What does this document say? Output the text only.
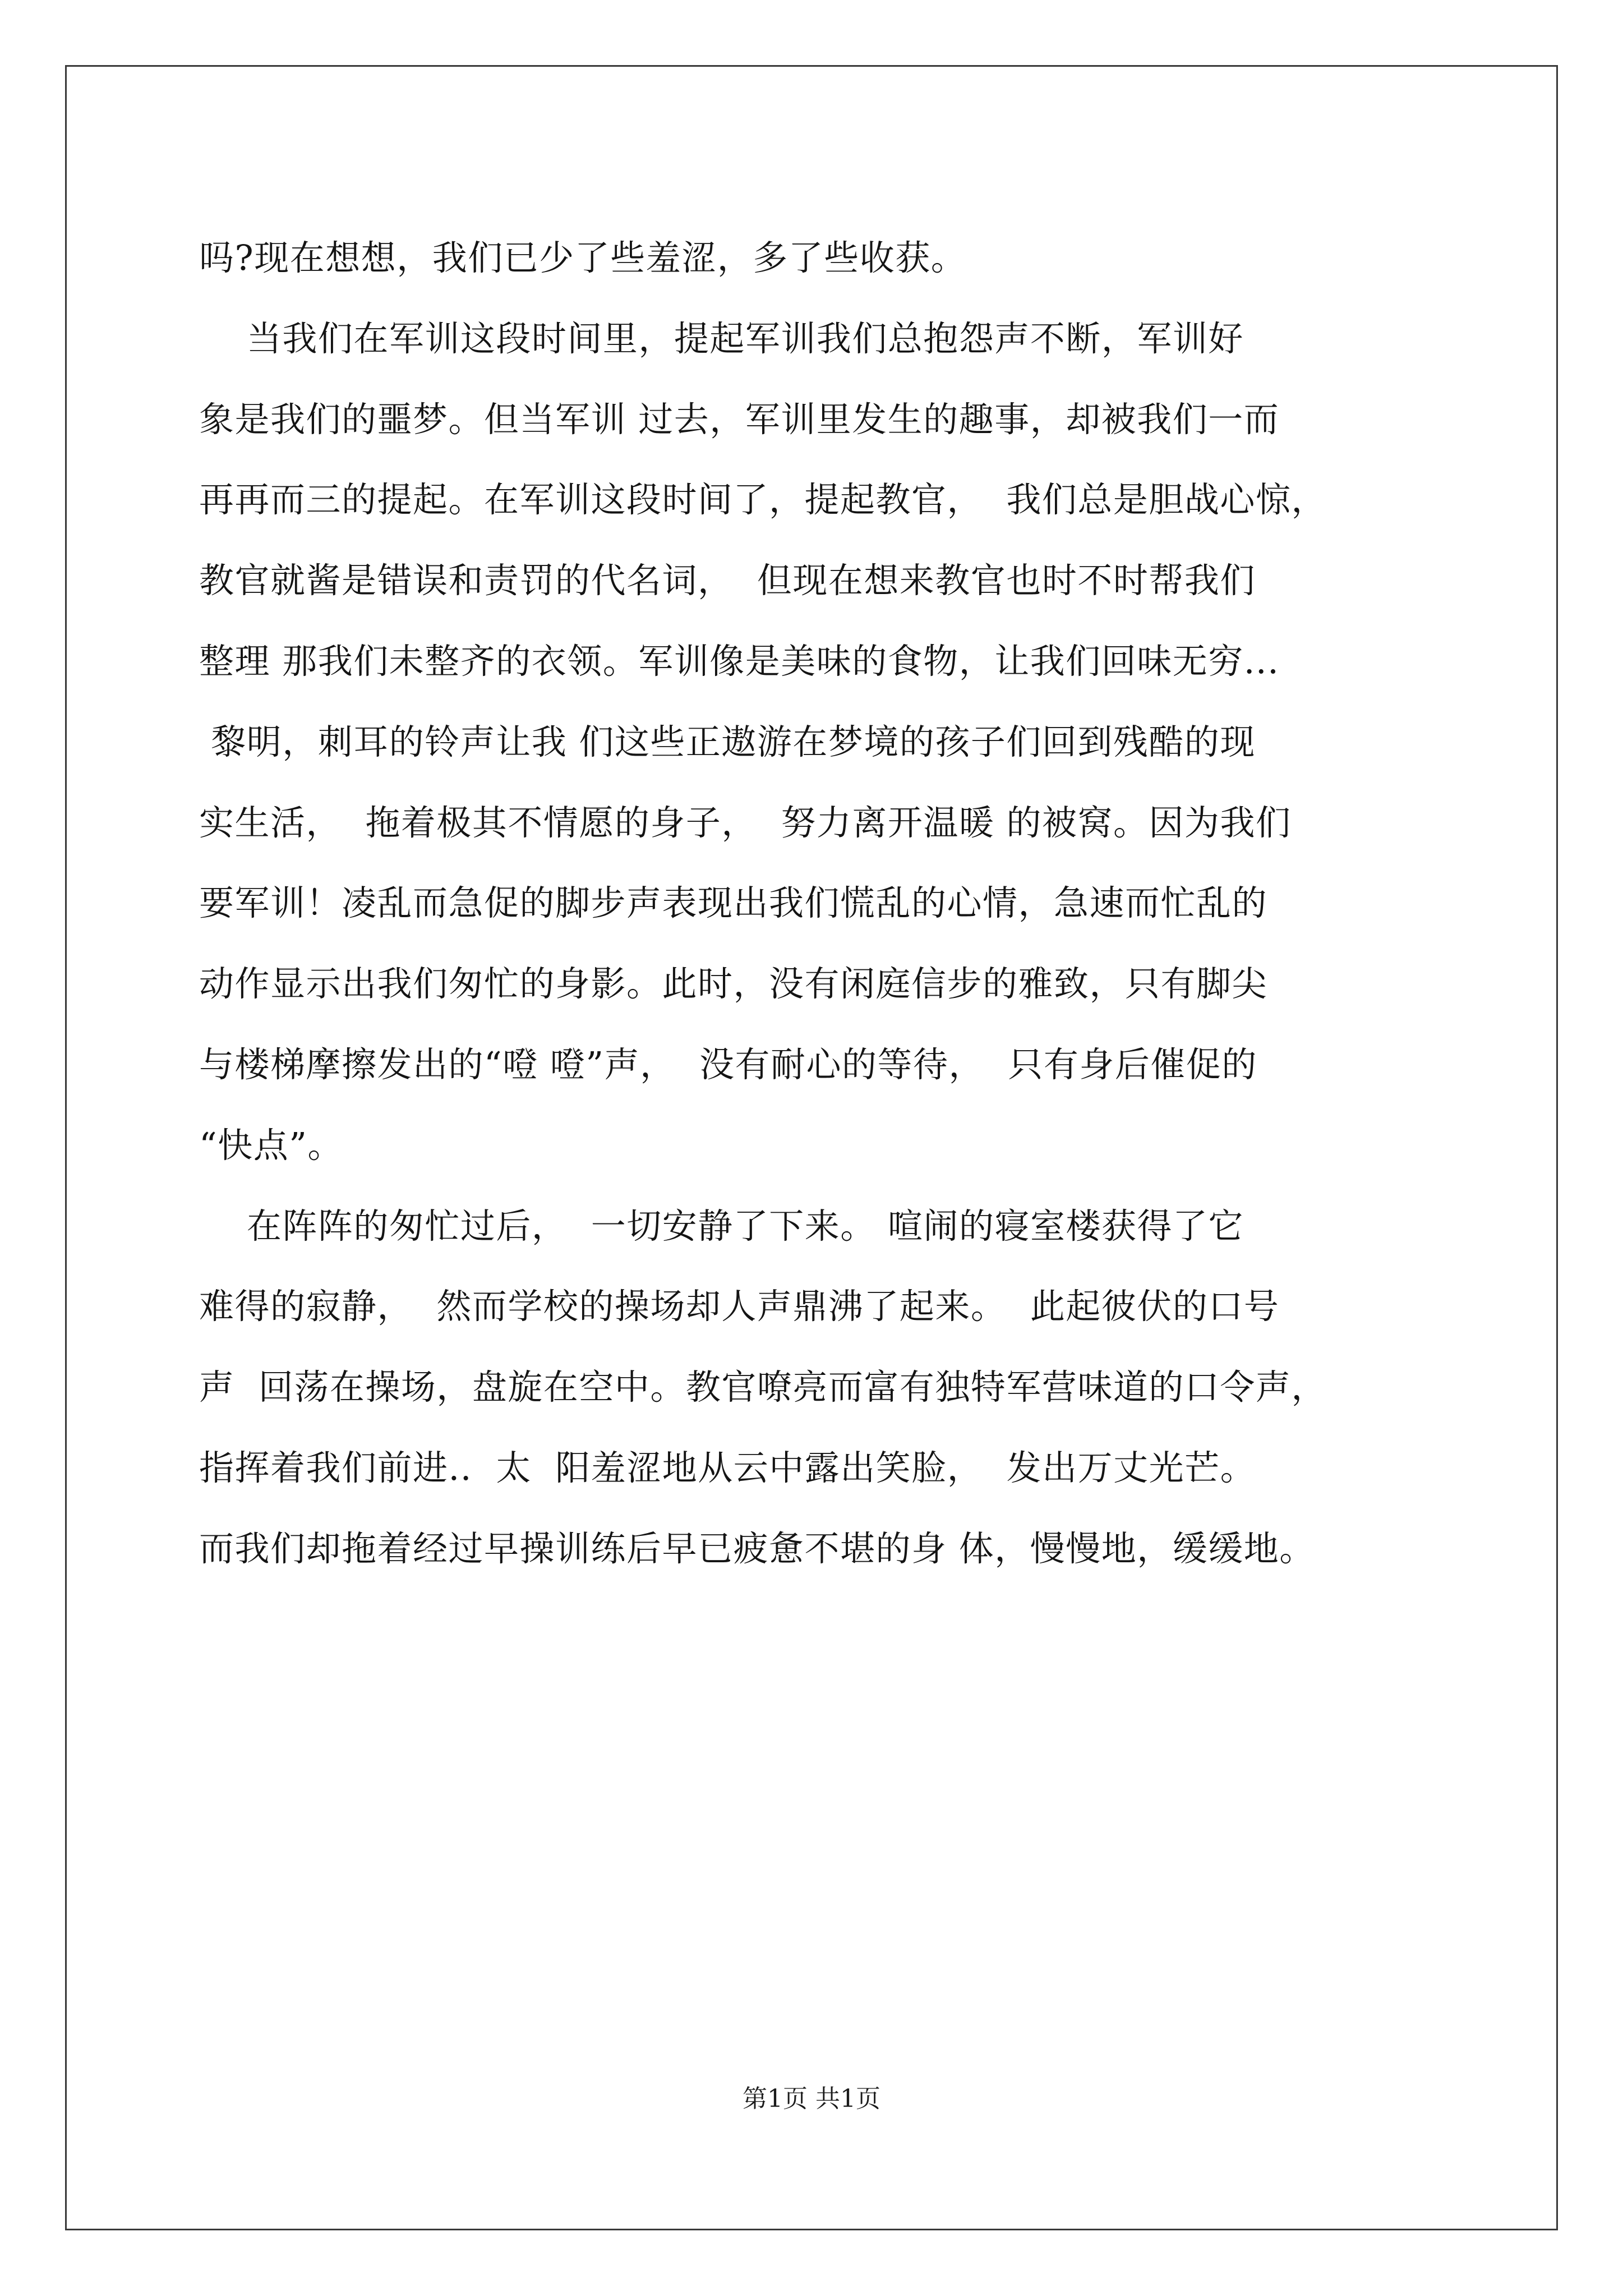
吗?现在想想，我们已少了些羞涩，多了些收获。
当我们在军训这段时间里，提起军训我们总抱怨声不断，军训好
象是我们的噩梦。但当军训 过去，军训里发生的趣事，却被我们一而
再再而三的提起。在军训这段时间了，提起教官，  我们总是胆战心惊，
教官就酱是错误和责罚的代名词，  但现在想来教官也时不时帮我们
整理 那我们未整齐的衣领。军训像是美味的食物，让我们回味无穷...
黎明，刺耳的铃声让我 们这些正遨游在梦境的孩子们回到残酷的现
实生活，  拖着极其不情愿的身子，  努力离开温暖 的被窝。因为我们
要军训！凌乱而急促的脚步声表现出我们慌乱的心情，急速而忙乱的
动作显示出我们匆忙的身影。此时，没有闲庭信步的雅致，只有脚尖
与楼梯摩擦发出的“噔 噔”声，  没有耐心的等待，  只有身后催促的
“快点”。
在阵阵的匆忙过后，  一切安静了下来。 喧闹的寝室楼获得了它
难得的寂静，  然而学校的操场却人声鼎沸了起来。  此起彼伏的口号
声  回荡在操场，盘旋在空中。教官嘹亮而富有独特军营味道的口令声，
指挥着我们前进..  太  阳羞涩地从云中露出笑脸，  发出万丈光芒。
而我们却拖着经过早操训练后早已疲惫不堪的身 体，慢慢地，缓缓地。
第1页 共1页
